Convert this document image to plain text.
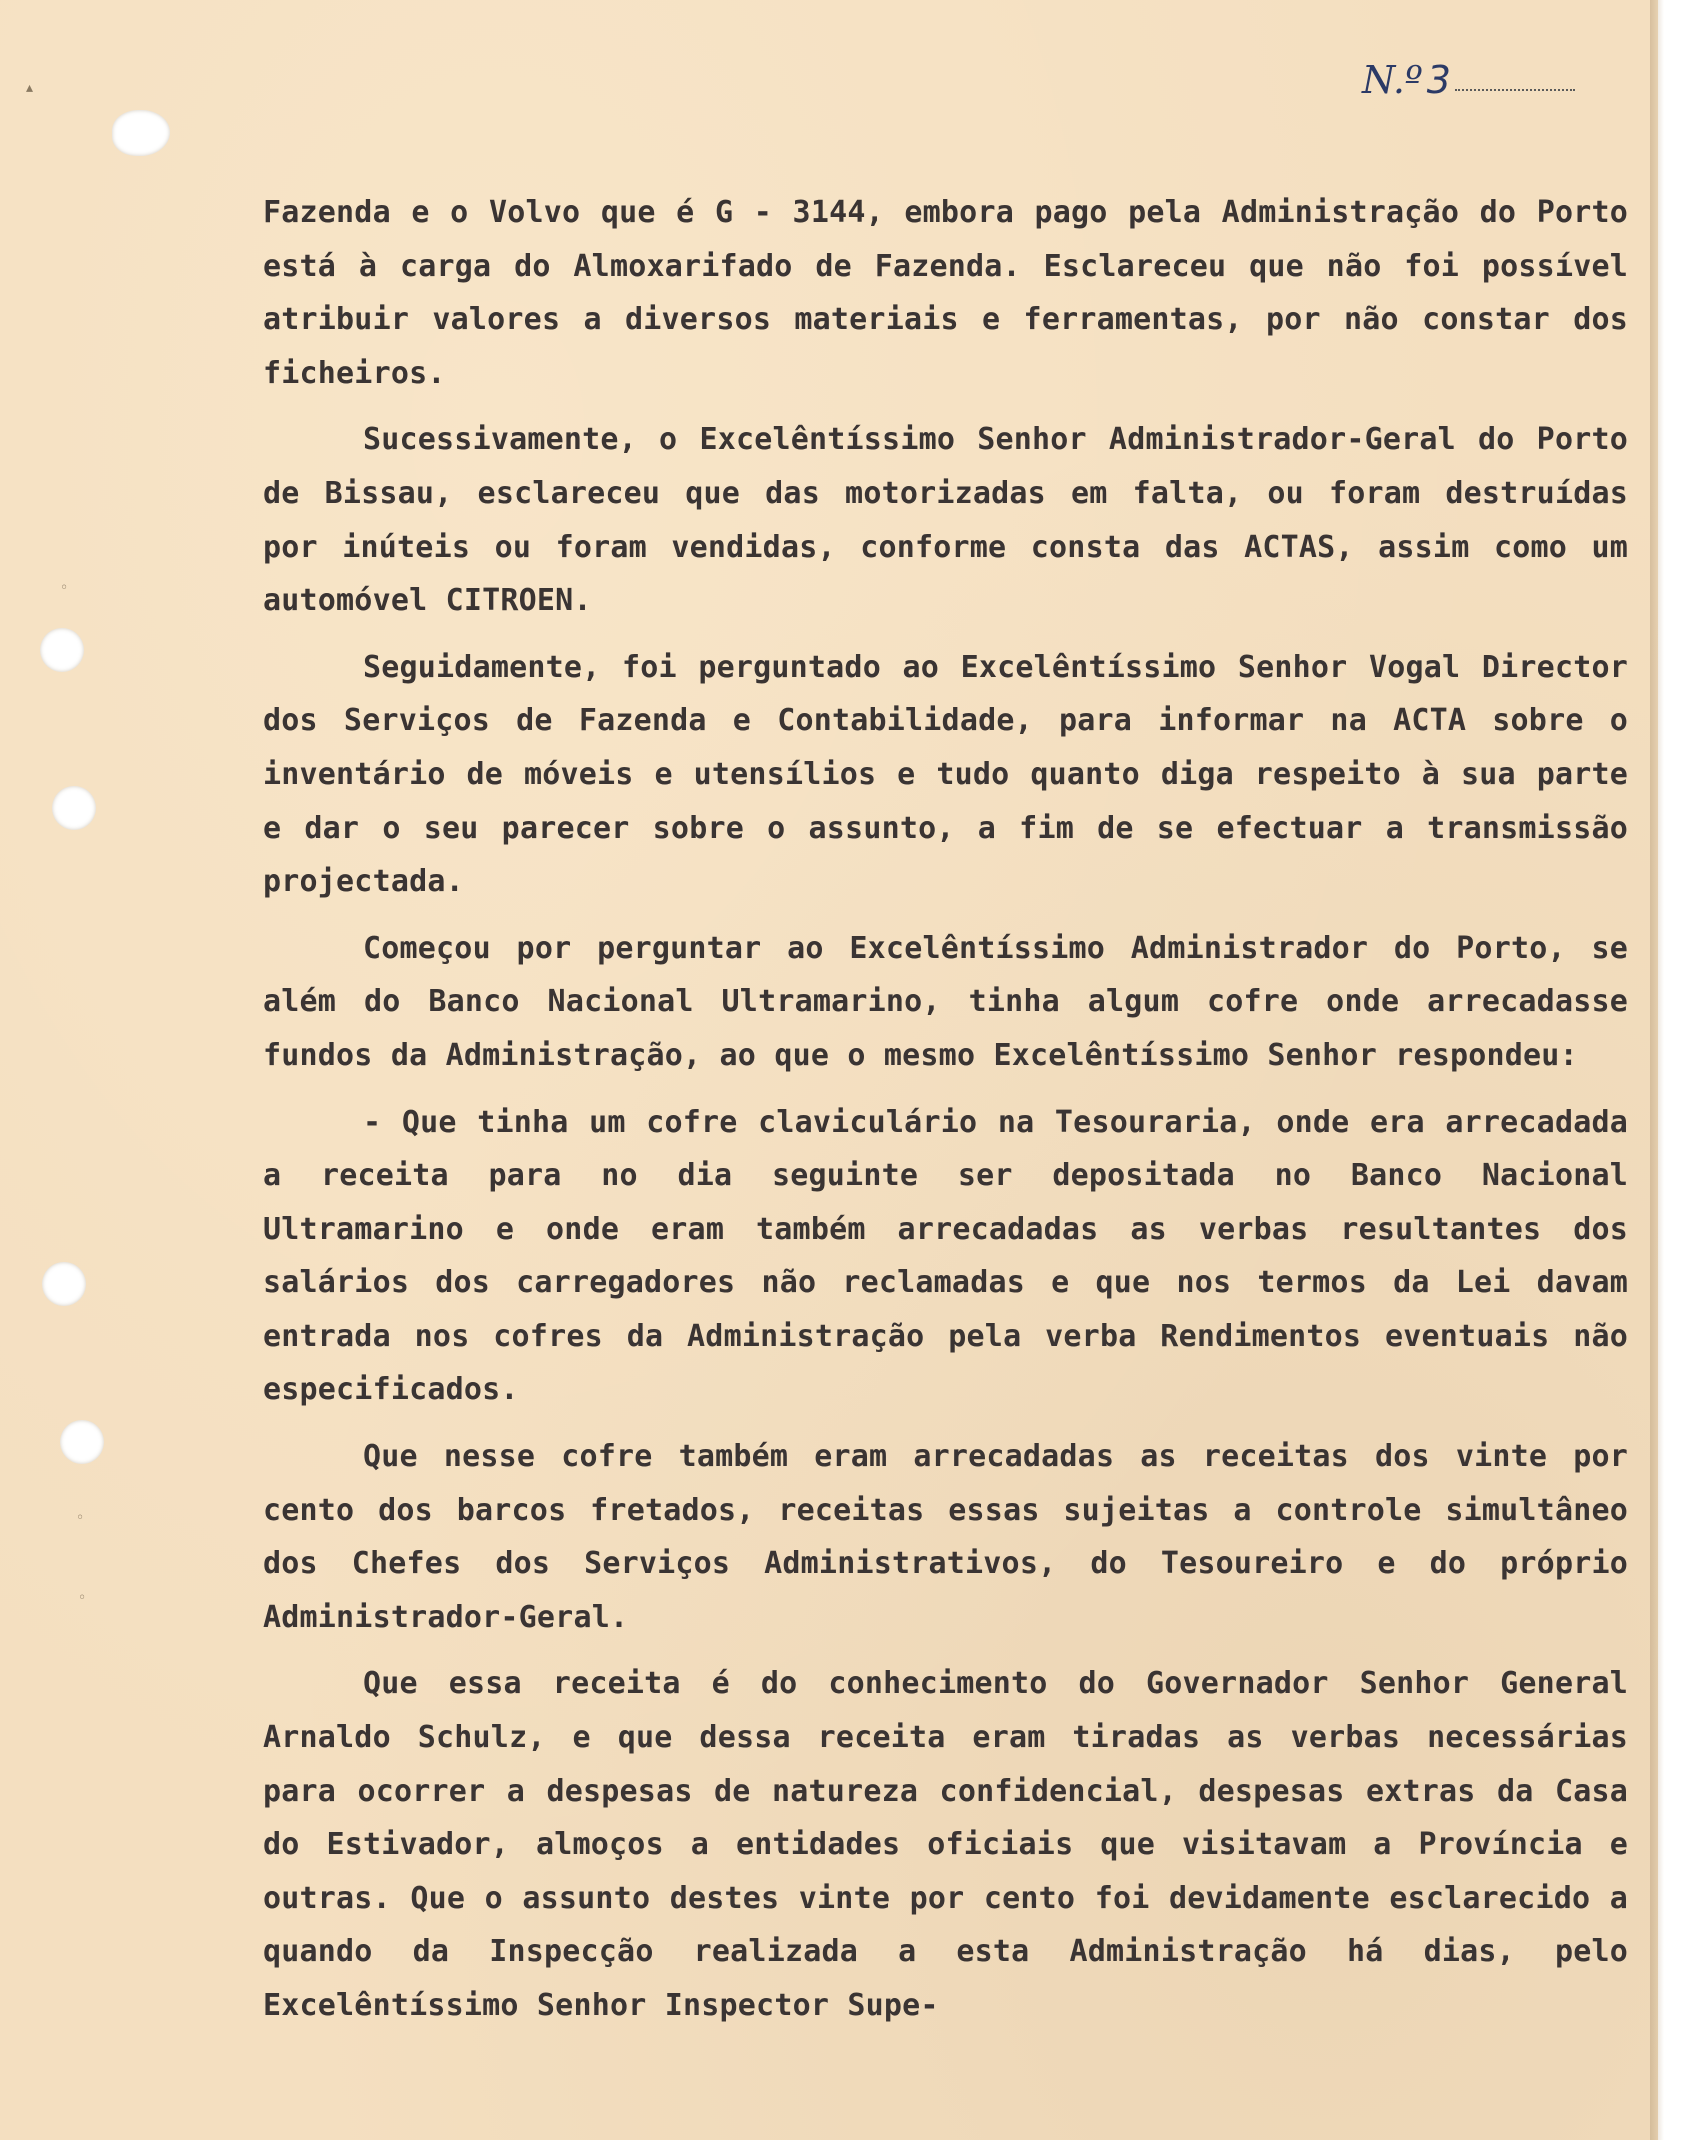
◦
◦
◦
▴	N.º 3

Fazenda e o Volvo que é G - 3144, embora pago pela Administração do Porto está à carga do Almoxarifado de Fazenda. Esclareceu que não foi possível atribuir valores a diversos materiais e ferramentas, por não constar dos ficheiros.

Sucessivamente, o Excelêntíssimo Senhor Administrador-Geral do Porto de Bissau, esclareceu que das motorizadas em falta, ou foram destruídas por inúteis ou foram vendidas, conforme consta das ACTAS, assim como um automóvel CITROEN.

Seguidamente, foi perguntado ao Excelêntíssimo Senhor Vogal Director dos Serviços de Fazenda e Contabilidade, para informar na ACTA sobre o inventário de móveis e utensílios e tudo quanto diga respeito à sua parte e dar o seu parecer sobre o assunto, a fim de se efectuar a transmissão projectada.

Começou por perguntar ao Excelêntíssimo Administrador do Porto, se além do Banco Nacional Ultramarino, tinha algum cofre onde arrecadasse fundos da Administração, ao que o mesmo Excelêntíssimo Senhor respondeu:

- Que tinha um cofre claviculário na Tesouraria, onde era arrecadada a receita para no dia seguinte ser depositada no Banco Nacional Ultramarino e onde eram também arrecadadas as verbas resultantes dos salários dos carregadores não reclamadas e que nos termos da Lei davam entrada nos cofres da Administração pela verba Rendimentos eventuais não especificados.

Que nesse cofre também eram arrecadadas as receitas dos vinte por cento dos barcos fretados, receitas essas sujeitas a controle simultâneo dos Chefes dos Serviços Administrativos, do Tesoureiro e do próprio Administrador-Geral.

Que essa receita é do conhecimento do Governador Senhor General Arnaldo Schulz, e que dessa receita eram tiradas as verbas necessárias para ocorrer a despesas de natureza confidencial, despesas extras da Casa do Estivador, almoços a entidades oficiais que visitavam a Província e outras. Que o assunto destes vinte por cento foi devidamente esclarecido a quando da Inspecção realizada a esta Administração há dias, pelo Excelêntíssimo Senhor Inspector Supe-
